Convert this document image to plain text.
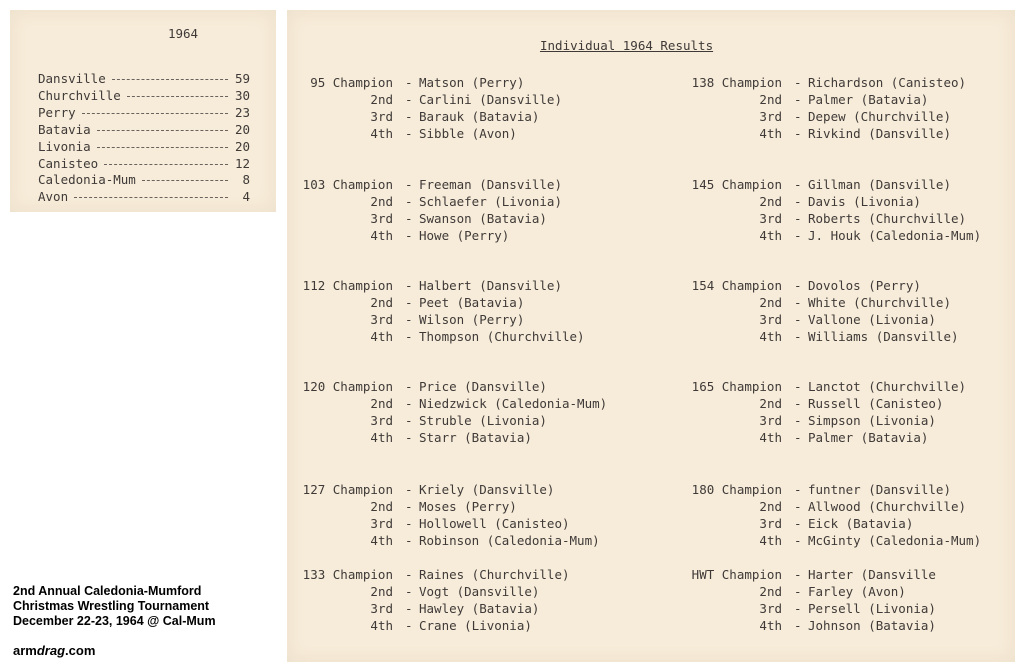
1964
Dansville	59
Churchville	30
Perry	23
Batavia	20
Livonia	20
Canisteo	12
Caledonia-Mum	8
Avon	4
Individual 1964 Results
95 Champion - Matson (Perry)
2nd - Carlini (Dansville)
3rd - Barauk (Batavia)
4th - Sibble (Avon)
103 Champion - Freeman (Dansville)
2nd - Schlaefer (Livonia)
3rd - Swanson (Batavia)
4th - Howe (Perry)
112 Champion - Halbert (Dansville)
2nd - Peet (Batavia)
3rd - Wilson (Perry)
4th - Thompson (Churchville)
120 Champion - Price (Dansville)
2nd - Niedzwick (Caledonia-Mum)
3rd - Struble (Livonia)
4th - Starr (Batavia)
127 Champion - Kriely (Dansville)
2nd - Moses (Perry)
3rd - Hollowell (Canisteo)
4th - Robinson (Caledonia-Mum)
133 Champion - Raines (Churchville)
2nd - Vogt (Dansville)
3rd - Hawley (Batavia)
4th - Crane (Livonia)
138 Champion - Richardson (Canisteo)
2nd - Palmer (Batavia)
3rd - Depew (Churchville)
4th - Rivkind (Dansville)
145 Champion - Gillman (Dansville)
2nd - Davis (Livonia)
3rd - Roberts (Churchville)
4th - J. Houk (Caledonia-Mum)
154 Champion - Dovolos (Perry)
2nd - White (Churchville)
3rd - Vallone (Livonia)
4th - Williams (Dansville)
165 Champion - Lanctot (Churchville)
2nd - Russell (Canisteo)
3rd - Simpson (Livonia)
4th - Palmer (Batavia)
180 Champion - funtner (Dansville)
2nd - Allwood (Churchville)
3rd - Eick (Batavia)
4th - McGinty (Caledonia-Mum)
HWT Champion - Harter (Dansville
2nd - Farley (Avon)
3rd - Persell (Livonia)
4th - Johnson (Batavia)
2nd Annual Caledonia-Mumford
Christmas Wrestling Tournament
December 22-23, 1964 @ Cal-Mum
armdrag.com
